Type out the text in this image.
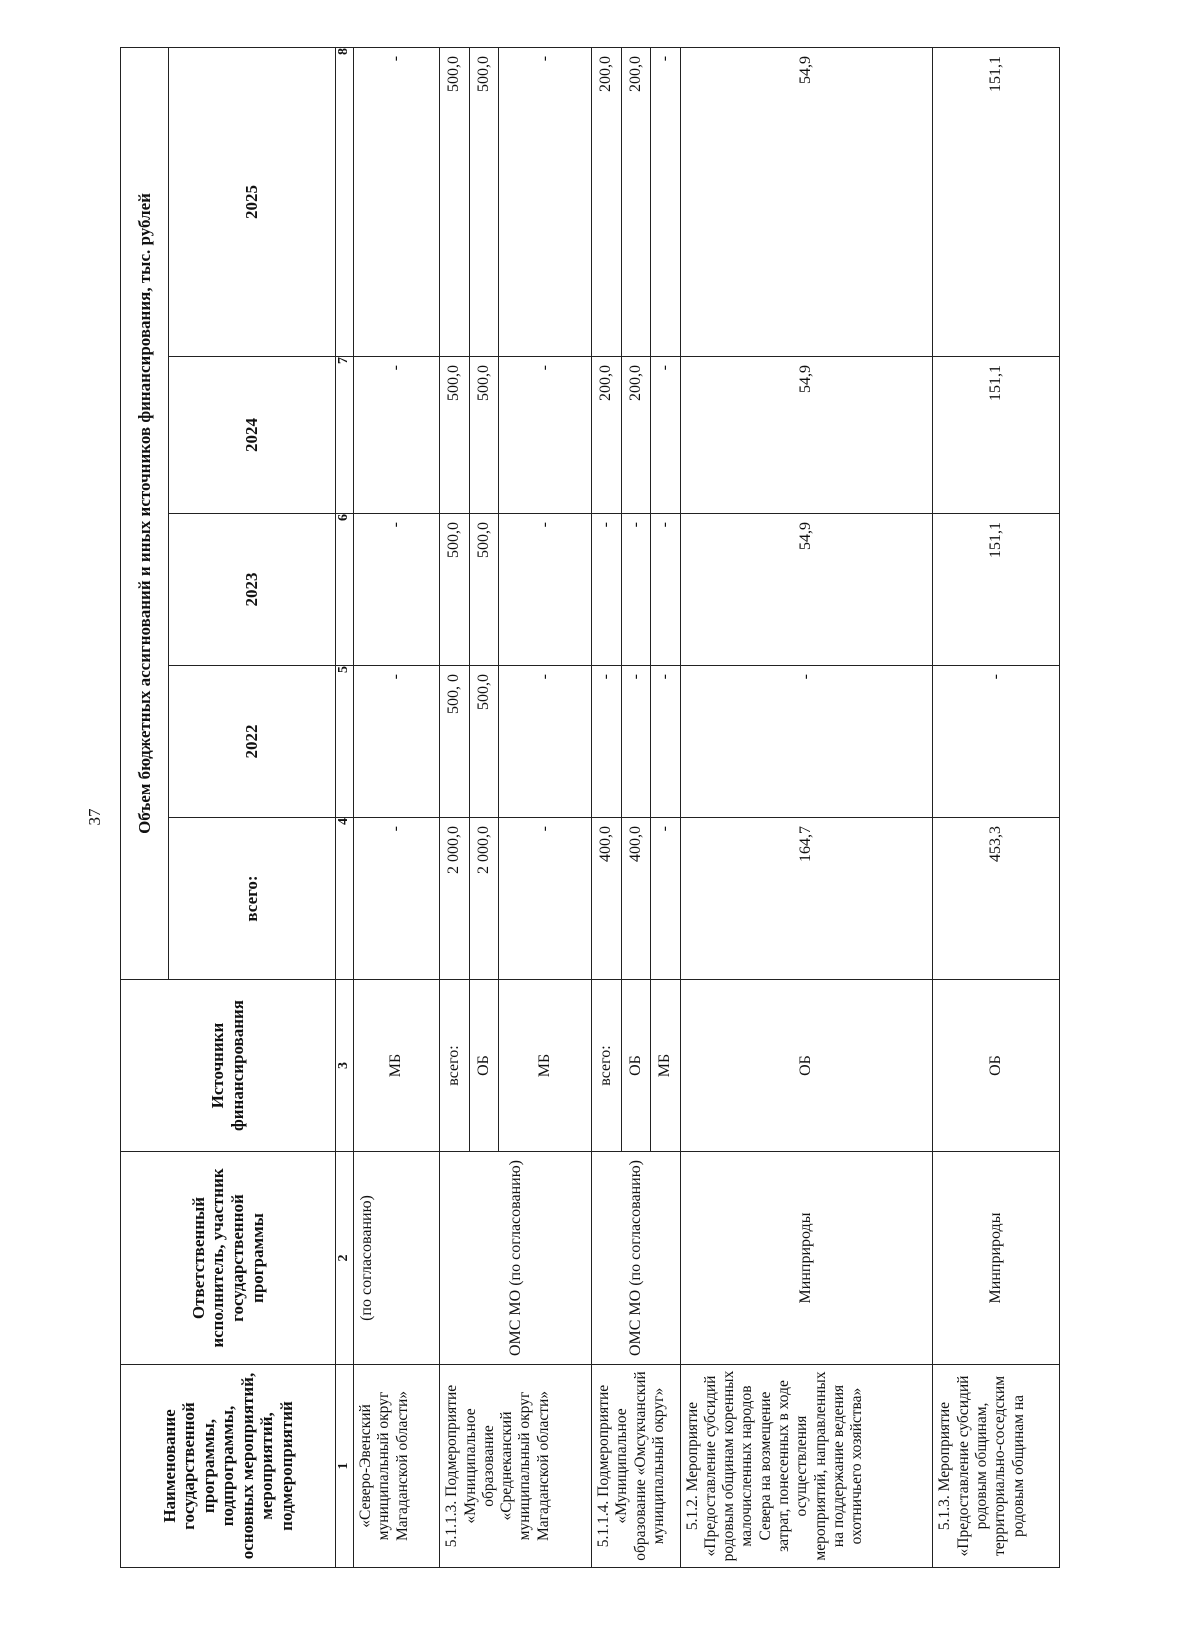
37
Наименование государственной программы, подпрограммы, основных мероприятий, мероприятий, подмероприятий	Ответственный исполнитель, участник государственной программы	Источники финансирования	Объем бюджетных ассигнований и иных источников финансирования, тыс. рублей				
			всего:	2022	2023	2024	2025
1	2	3	4	5	6	7	8
«Северо-Эвенский муниципальный округ Магаданской области»	(по согласованию)	МБ	-	-	-	-	-
5.1.1.3. Подмероприятие «Муниципальное образование «Среднеканский муниципальный округ Магаданской области»	ОМС МО (по согласованию)	всего:	2 000,0	500, 0	500,0	500,0	500,0
		ОБ	2 000,0	500,0	500,0	500,0	500,0
		МБ	-	-	-	-	-
5.1.1.4. Подмероприятие «Муниципальное образование «Омсукчанский муниципальный округ»	ОМС МО (по согласованию)	всего:	400,0	-	-	200,0	200,0
		ОБ	400,0	-	-	200,0	200,0
		МБ	-	-	-	-	-
5.1.2. Мероприятие «Предоставление субсидий родовым общинам коренных малочисленных народов Севера на возмещение затрат, понесенных в ходе осуществления мероприятий, направленных на поддержание ведения охотничьего хозяйства»	Минприроды	ОБ	164,7	-	54,9	54,9	54,9
5.1.3. Мероприятие «Предоставление субсидий родовым общинам, территориально-соседским родовым общинам на	Минприроды	ОБ	453,3	-	151,1	151,1	151,1
